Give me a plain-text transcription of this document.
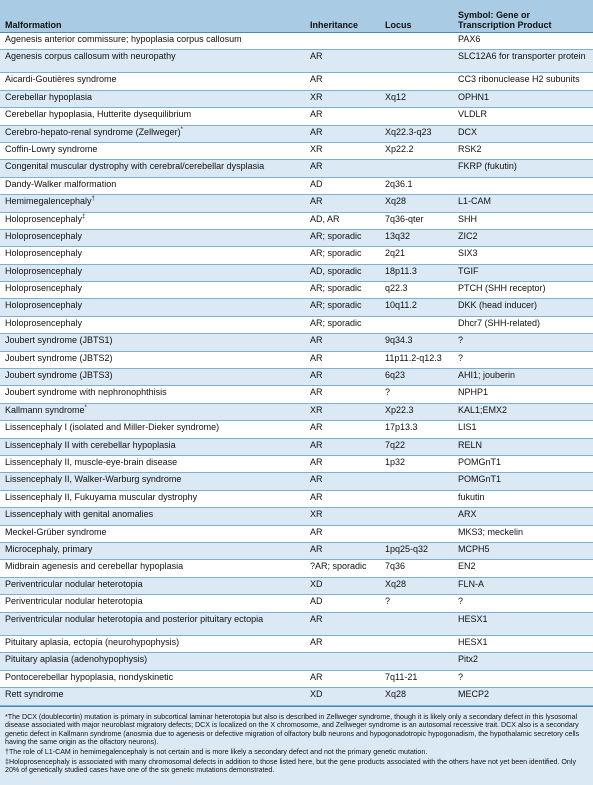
Malformation	Inheritance	Locus	Symbol: Gene or Transcription Product
Agenesis anterior commissure; hypoplasia corpus callosum			PAX6
Agenesis corpus callosum with neuropathy	AR		SLC12A6 for transporter protein
Aicardi-Goutières syndrome	AR		CC3 ribonuclease H2 subunits
Cerebellar hypoplasia	XR	Xq12	OPHN1
Cerebellar hypoplasia, Hutterite dysequilibrium	AR		VLDLR
Cerebro-hepato-renal syndrome (Zellweger)*	AR	Xq22.3-q23	DCX
Coffin-Lowry syndrome	XR	Xp22.2	RSK2
Congenital muscular dystrophy with cerebral/cerebellar dysplasia	AR		FKRP (fukutin)
Dandy-Walker malformation	AD	2q36.1	
Hemimegalencephaly†	AR	Xq28	L1-CAM
Holoprosencephaly‡	AD, AR	7q36-qter	SHH
Holoprosencephaly	AR; sporadic	13q32	ZIC2
Holoprosencephaly	AR; sporadic	2q21	SIX3
Holoprosencephaly	AD, sporadic	18p11.3	TGIF
Holoprosencephaly	AR; sporadic	q22.3	PTCH (SHH receptor)
Holoprosencephaly	AR; sporadic	10q11.2	DKK (head inducer)
Holoprosencephaly	AR; sporadic		Dhcr7 (SHH-related)
Joubert syndrome (JBTS1)	AR	9q34.3	?
Joubert syndrome (JBTS2)	AR	11p11.2-q12.3	?
Joubert syndrome (JBTS3)	AR	6q23	AHI1; jouberin
Joubert syndrome with nephronophthisis	AR	?	NPHP1
Kallmann syndrome*	XR	Xp22.3	KAL1;EMX2
Lissencephaly I (isolated and Miller-Dieker syndrome)	AR	17p13.3	LIS1
Lissencephaly II with cerebellar hypoplasia	AR	7q22	RELN
Lissencephaly II, muscle-eye-brain disease	AR	1p32	POMGnT1
Lissencephaly II, Walker-Warburg syndrome	AR		POMGnT1
Lissencephaly II, Fukuyama muscular dystrophy	AR		fukutin
Lissencephaly with genital anomalies	XR		ARX
Meckel-Grüber syndrome	AR		MKS3; meckelin
Microcephaly, primary	AR	1pq25-q32	MCPH5
Midbrain agenesis and cerebellar hypoplasia	?AR; sporadic	7q36	EN2
Periventricular nodular heterotopia	XD	Xq28	FLN-A
Periventricular nodular heterotopia	AD	?	?
Periventricular nodular heterotopia and posterior pituitary ectopia	AR		HESX1
Pituitary aplasia, ectopia (neurohypophysis)	AR		HESX1
Pituitary aplasia (adenohypophysis)			Pitx2
Pontocerebellar hypoplasia, nondyskinetic	AR	7q11-21	?
Rett syndrome	XD	Xq28	MECP2

*The DCX (doublecortin) mutation is primary in subcortical laminar heterotopia but also is described in Zellweger syndrome, though it is likely only a secondary defect in this lysosomal disease associated with major neuroblast migratory defects; DCX is localized on the X chromosome, and Zellweger syndrome is an autosomal recessive trait. DCX also is a secondary genetic defect in Kallmann syndrome (anosmia due to agenesis or defective migration of olfactory bulb neurons and hypogonadotropic hypogonadism, the hypothalamic secretory cells having the same origin as the olfactory neurons).

†The role of L1-CAM in hemimegalencephaly is not certain and is more likely a secondary defect and not the primary genetic mutation.

‡Holoprosencephaly is associated with many chromosomal defects in addition to those listed here, but the gene products associated with the others have not yet been identified. Only 20% of genetically studied cases have one of the six genetic mutations demonstrated.
